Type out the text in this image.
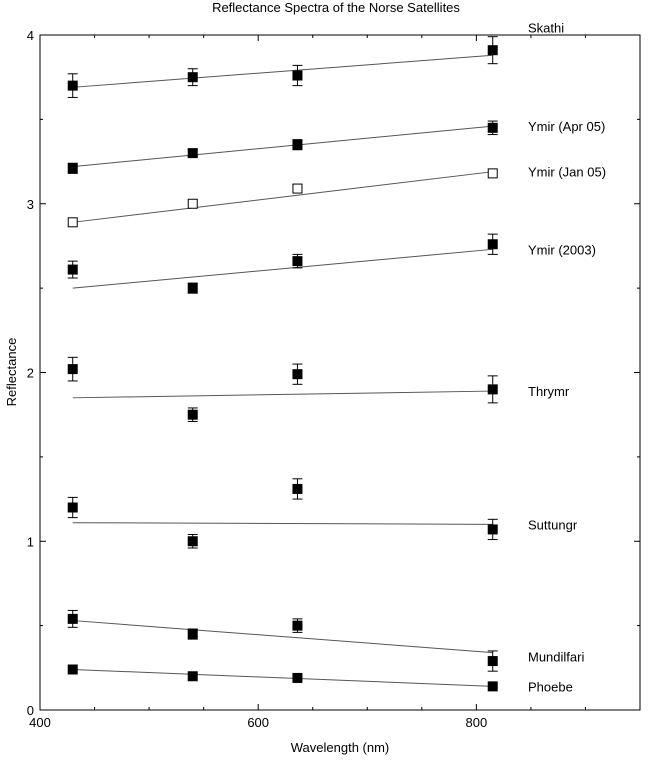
Reflectance Spectra of the Norse Satellites
400	600	800
0
1
2
3
4
Skathi
Ymir (Apr 05)
Ymir (Jan 05)
Ymir (2003)
Thrymr
Suttungr
Mundilfari
Phoebe
Reflectance
Wavelength (nm)
